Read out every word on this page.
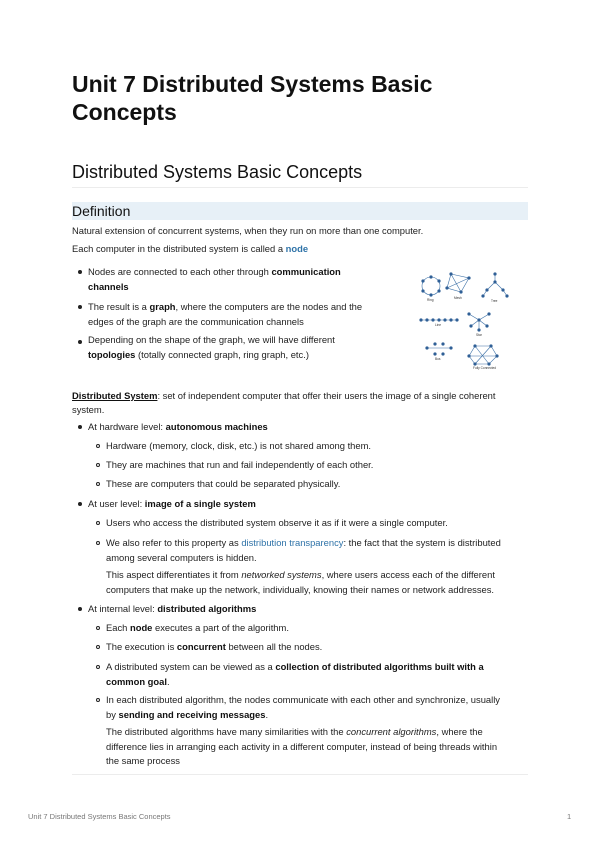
Unit 7 Distributed Systems Basic Concepts
Distributed Systems Basic Concepts
Definition
Natural extension of concurrent systems, when they run on more than one computer.
Each computer in the distributed system is called a node
Nodes are connected to each other through communication
channels
The result is a graph, where the computers are the nodes and the
edges of the graph are the communication channels
Depending on the shape of the graph, we will have different
topologies (totally connected graph, ring graph, etc.)
Ring	Mesh
Tree
Line
Star
Bus
Fully Connected
Distributed System: set of independent computer that offer their users the image of a single coherent
system.
At hardware level: autonomous machines
Hardware (memory, clock, disk, etc.) is not shared among them.
They are machines that run and fail independently of each other.
These are computers that could be separated physically.
At user level: image of a single system
Users who access the distributed system observe it as if it were a single computer.
We also refer to this property as distribution transparency: the fact that the system is distributed
among several computers is hidden.
This aspect differentiates it from networked systems, where users access each of the different
computers that make up the network, individually, knowing their names or network addresses.
At internal level: distributed algorithms
Each node executes a part of the algorithm.
The execution is concurrent between all the nodes.
A distributed system can be viewed as a collection of distributed algorithms built with a
common goal.
In each distributed algorithm, the nodes communicate with each other and synchronize, usually
by sending and receiving messages.
The distributed algorithms have many similarities with the concurrent algorithms, where the
difference lies in arranging each activity in a different computer, instead of being threads within
the same process
Unit 7 Distributed Systems Basic Concepts	1
